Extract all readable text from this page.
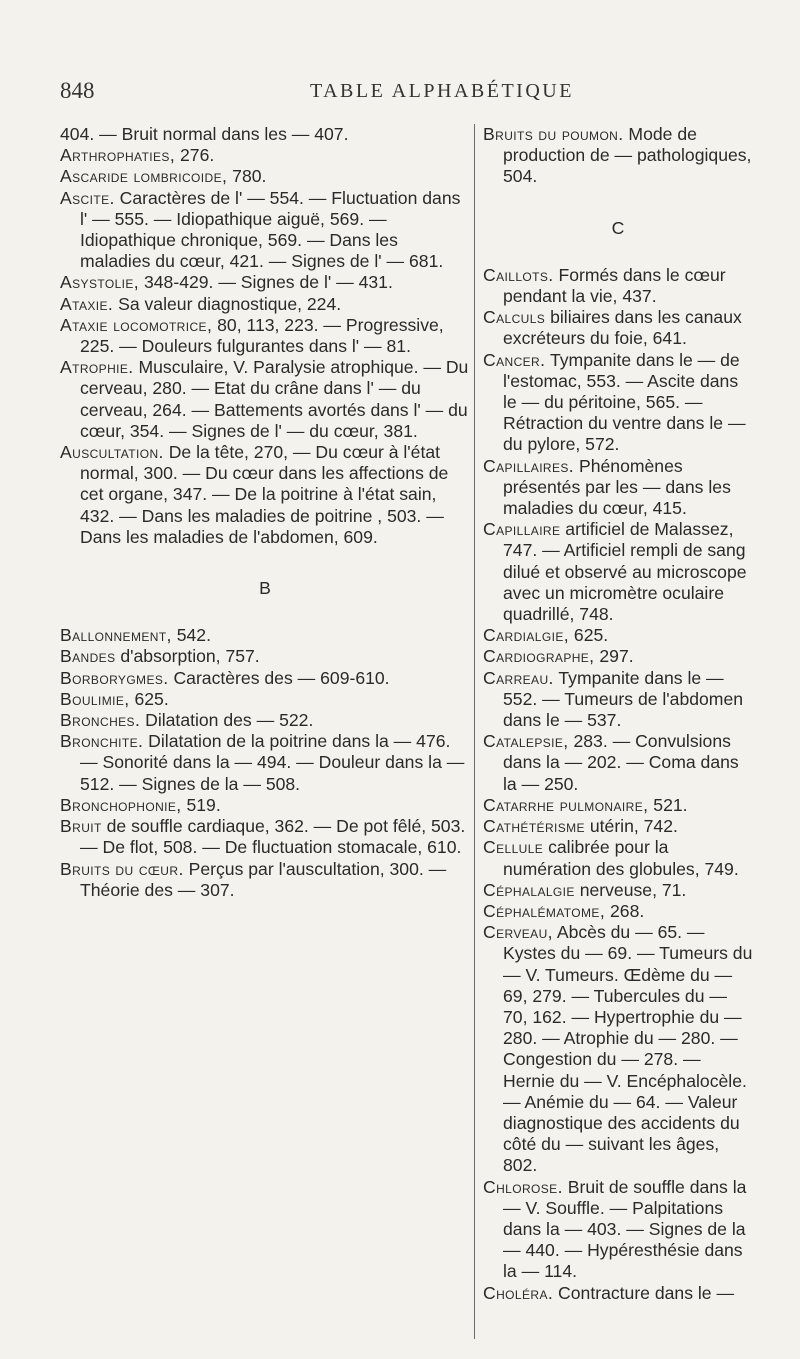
848	TABLE ALPHABÉTIQUE

404. — Bruit normal dans les — 407.

Arthrophaties, 276.

Ascaride lombricoide, 780.

Ascite. Caractères de l' — 554. — Fluctuation dans l' — 555. — Idiopathique aiguë, 569. — Idiopathique chronique, 569. — Dans les maladies du cœur, 421. — Signes de l' — 681.

Asystolie, 348-429. — Signes de l' — 431.

Ataxie. Sa valeur diagnostique, 224.

Ataxie locomotrice, 80, 113, 223. — Progressive, 225. — Douleurs fulgurantes dans l' — 81.

Atrophie. Musculaire, V. Paralysie atrophique. — Du cerveau, 280. — Etat du crâne dans l' — du cerveau, 264. — Battements avortés dans l' — du cœur, 354. — Signes de l' — du cœur, 381.

Auscultation. De la tête, 270, — Du cœur à l'état normal, 300. — Du cœur dans les affections de cet organe, 347. — De la poitrine à l'état sain, 432. — Dans les maladies de poitrine , 503. —Dans les maladies de l'abdomen, 609.

B

Ballonnement, 542.

Bandes d'absorption, 757.

Borborygmes. Caractères des — 609-610.

Boulimie, 625.

Bronches. Dilatation des — 522.

Bronchite. Dilatation de la poitrine dans la — 476. — Sonorité dans la — 494. — Douleur dans la — 512. — Signes de la — 508.

Bronchophonie, 519.

Bruit de souffle cardiaque, 362. — De pot fêlé, 503. — De flot, 508. — De fluctuation stomacale, 610.

Bruits du cœur. Perçus par l'auscultation, 300. — Théorie des — 307.

Bruits du poumon. Mode de production de — pathologiques, 504.

C

Caillots. Formés dans le cœur pendant la vie, 437.

Calculs biliaires dans les canaux excréteurs du foie, 641.

Cancer. Tympanite dans le — de l'estomac, 553. — Ascite dans le — du péritoine, 565. — Rétraction du ventre dans le — du pylore, 572.

Capillaires. Phénomènes présentés par les — dans les maladies du cœur, 415.

Capillaire artificiel de Malassez, 747. — Artificiel rempli de sang dilué et observé au microscope avec un micromètre oculaire quadrillé, 748.

Cardialgie, 625.

Cardiographe, 297.

Carreau. Tympanite dans le — 552. — Tumeurs de l'abdomen dans le — 537.

Catalepsie, 283. — Convulsions dans la — 202. — Coma dans la — 250.

Catarrhe pulmonaire, 521.

Cathétérisme utérin, 742.

Cellule calibrée pour la numération des globules, 749.

Céphalalgie nerveuse, 71.

Céphalématome, 268.

Cerveau, Abcès du — 65. — Kystes du — 69. — Tumeurs du — V. Tumeurs. Œdème du — 69, 279. — Tubercules du — 70, 162. — Hypertrophie du — 280. — Atrophie du — 280. — Congestion du — 278. — Hernie du — V. Encéphalocèle. — Anémie du — 64. — Valeur diagnostique des accidents du côté du — suivant les âges, 802.

Chlorose. Bruit de souffle dans la — V. Souffle. — Palpitations dans la — 403. — Signes de la — 440. — Hypéresthésie dans la — 114.

Choléra. Contracture dans le —
